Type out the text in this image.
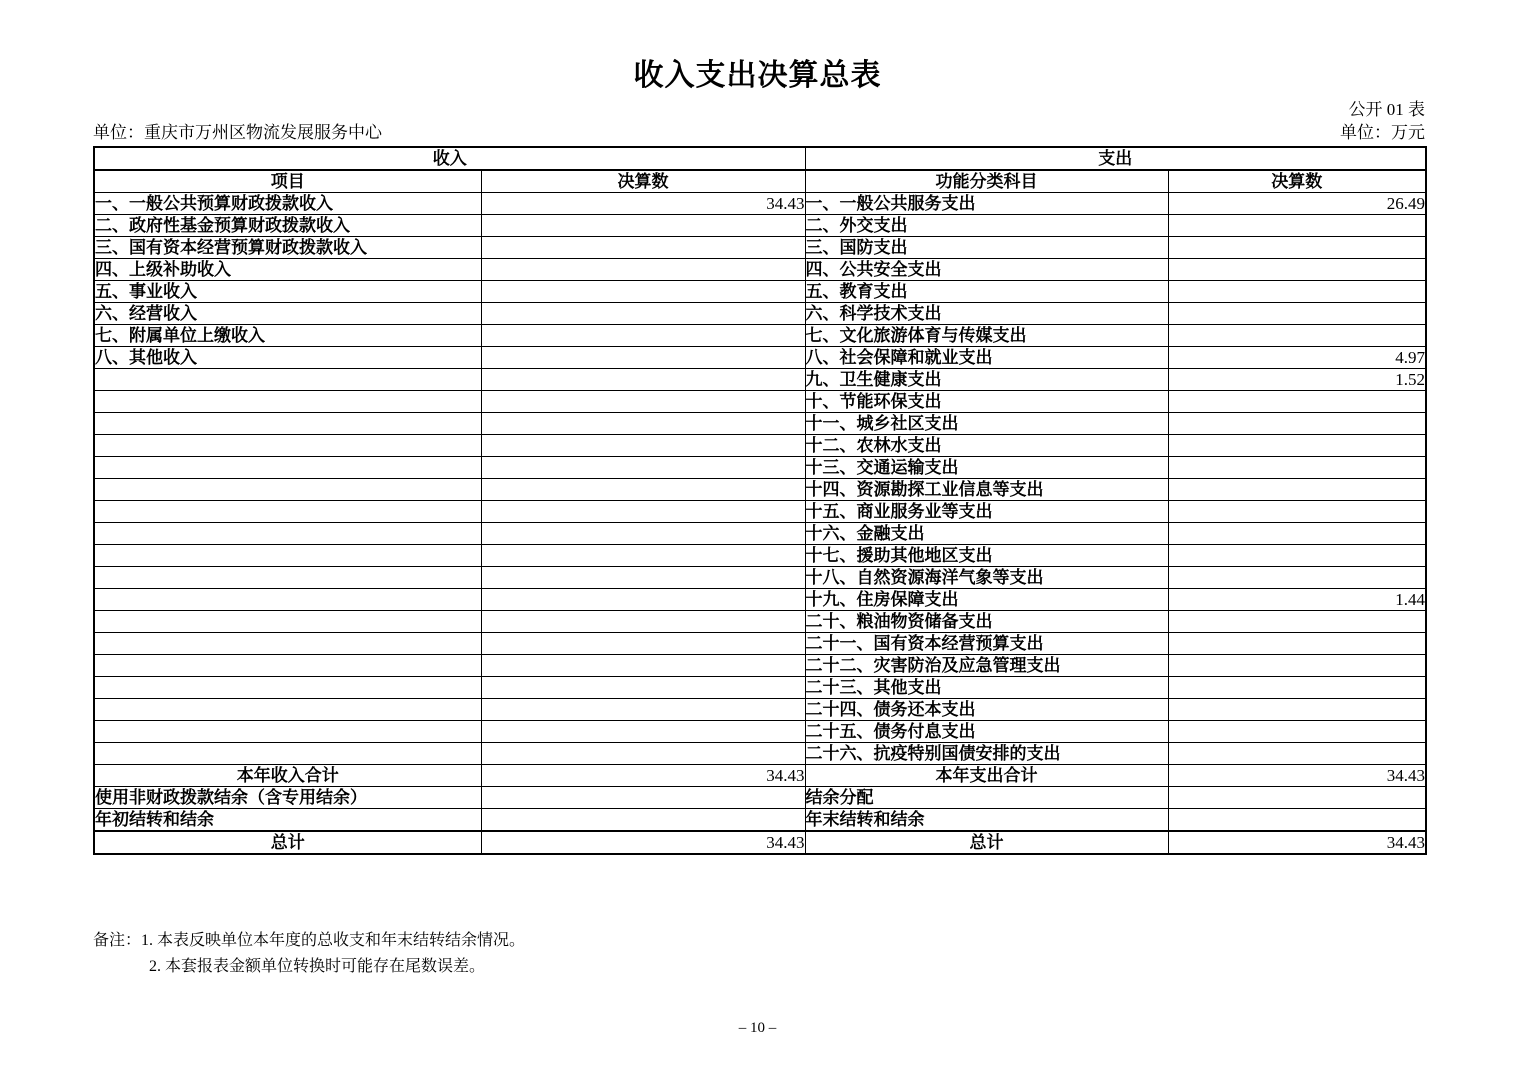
收入支出决算总表
公开 01 表
单位：重庆市万州区物流发展服务中心	单位：万元
收入		支出	
项目	决算数	功能分类科目	决算数
一、一般公共预算财政拨款收入	34.43	一、一般公共服务支出	26.49
二、政府性基金预算财政拨款收入		二、外交支出	
三、国有资本经营预算财政拨款收入		三、国防支出	
四、上级补助收入		四、公共安全支出	
五、事业收入		五、教育支出	
六、经营收入		六、科学技术支出	
七、附属单位上缴收入		七、文化旅游体育与传媒支出	
八、其他收入		八、社会保障和就业支出	4.97
		九、卫生健康支出	1.52
		十、节能环保支出	
		十一、城乡社区支出	
		十二、农林水支出	
		十三、交通运输支出	
		十四、资源勘探工业信息等支出	
		十五、商业服务业等支出	
		十六、金融支出	
		十七、援助其他地区支出	
		十八、自然资源海洋气象等支出	
		十九、住房保障支出	1.44
		二十、粮油物资储备支出	
		二十一、国有资本经营预算支出	
		二十二、灾害防治及应急管理支出	
		二十三、其他支出	
		二十四、债务还本支出	
		二十五、债务付息支出	
		二十六、抗疫特别国债安排的支出	
本年收入合计	34.43	本年支出合计	34.43
使用非财政拨款结余（含专用结余）		结余分配	
年初结转和结余		年末结转和结余	
总计	34.43	总计	34.43
备注：1. 本表反映单位本年度的总收支和年末结转结余情况。
2. 本套报表金额单位转换时可能存在尾数误差。
– 10 –
